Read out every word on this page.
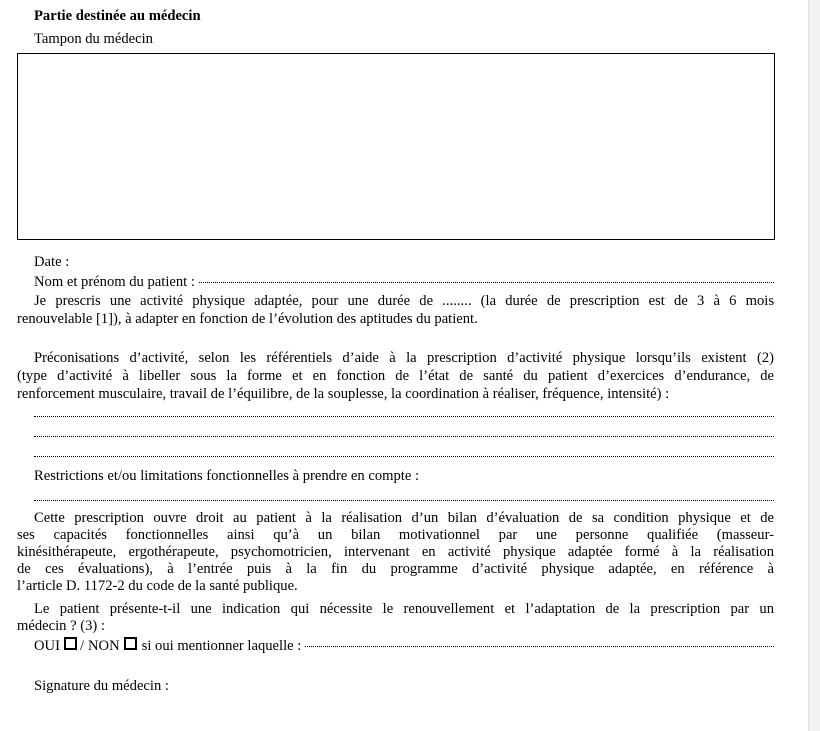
Partie destinée au médecin
Tampon du médecin
Date :
Nom et prénom du patient :
Je prescris une activité physique adaptée, pour une durée de ........ (la durée de prescription est de 3 à 6 mois
renouvelable [1]), à adapter en fonction de l’évolution des aptitudes du patient.
Préconisations d’activité, selon les référentiels d’aide à la prescription d’activité physique lorsqu’ils existent (2)
(type d’activité à libeller sous la forme et en fonction de l’état de santé du patient d’exercices d’endurance, de
renforcement musculaire, travail de l’équilibre, de la souplesse, la coordination à réaliser, fréquence, intensité) :
Restrictions et/ou limitations fonctionnelles à prendre en compte :
Cette prescription ouvre droit au patient à la réalisation d’un bilan d’évaluation de sa condition physique et de
ses capacités fonctionnelles ainsi qu’à un bilan motivationnel par une personne qualifiée (masseur-
kinésithérapeute, ergothérapeute, psychomotricien, intervenant en activité physique adaptée formé à la réalisation
de ces évaluations), à l’entrée puis à la fin du programme d’activité physique adaptée, en référence à
l’article D. 1172-2 du code de la santé publique.
Le patient présente-t-il une indication qui nécessite le renouvellement et l’adaptation de la prescription par un
médecin ? (3) :
OUI / NON si oui mentionner laquelle :
Signature du médecin :
